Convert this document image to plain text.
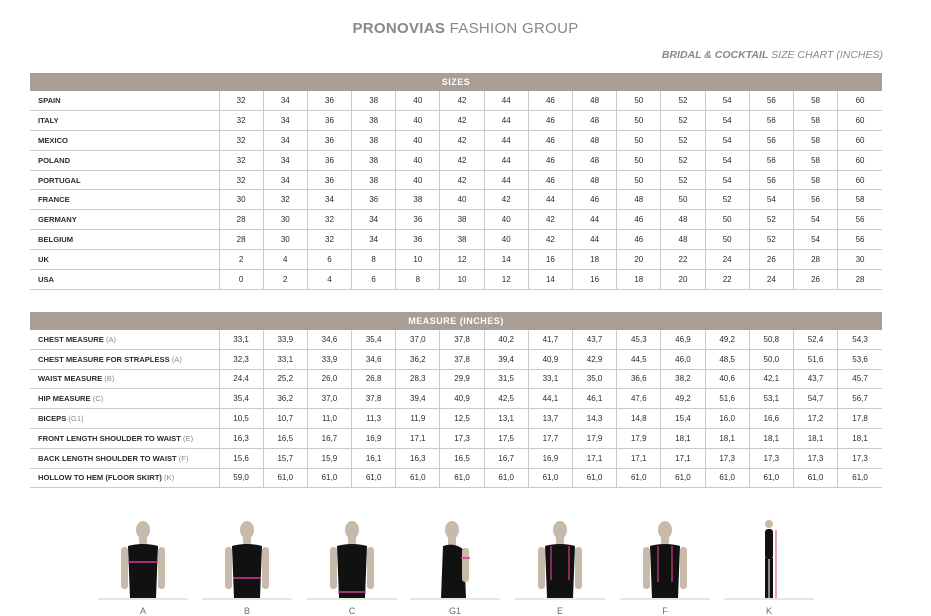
PRONOVIAS FASHION GROUP
BRIDAL & COCKTAIL SIZE CHART (INCHES)
SIZES															
SPAIN	32	34	36	38	40	42	44	46	48	50	52	54	56	58	60
ITALY	32	34	36	38	40	42	44	46	48	50	52	54	56	58	60
MEXICO	32	34	36	38	40	42	44	46	48	50	52	54	56	58	60
POLAND	32	34	36	38	40	42	44	46	48	50	52	54	56	58	60
PORTUGAL	32	34	36	38	40	42	44	46	48	50	52	54	56	58	60
FRANCE	30	32	34	36	38	40	42	44	46	48	50	52	54	56	58
GERMANY	28	30	32	34	36	38	40	42	44	46	48	50	52	54	56
BELGIUM	28	30	32	34	36	38	40	42	44	46	48	50	52	54	56
UK	2	4	6	8	10	12	14	16	18	20	22	24	26	28	30
USA	0	2	4	6	8	10	12	14	16	18	20	22	24	26	28
MEASURE (INCHES)															
CHEST MEASURE (A)	33,1	33,9	34,6	35,4	37,0	37,8	40,2	41,7	43,7	45,3	46,9	49,2	50,8	52,4	54,3
CHEST MEASURE FOR STRAPLESS (A)	32,3	33,1	33,9	34,6	36,2	37,8	39,4	40,9	42,9	44,5	46,0	48,5	50,0	51,6	53,6
WAIST MEASURE (B)	24,4	25,2	26,0	26,8	28,3	29,9	31,5	33,1	35,0	36,6	38,2	40,6	42,1	43,7	45,7
HIP MEASURE (C)	35,4	36,2	37,0	37,8	39,4	40,9	42,5	44,1	46,1	47,6	49,2	51,6	53,1	54,7	56,7
BICEPS (G1)	10,5	10,7	11,0	11,3	11,9	12,5	13,1	13,7	14,3	14,8	15,4	16,0	16,6	17,2	17,8
FRONT LENGTH SHOULDER TO WAIST (E)	16,3	16,5	16,7	16,9	17,1	17,3	17,5	17,7	17,9	17,9	18,1	18,1	18,1	18,1	18,1
BACK LENGTH SHOULDER TO WAIST (F)	15,6	15,7	15,9	16,1	16,3	16,5	16,7	16,9	17,1	17,1	17,1	17,3	17,3	17,3	17,3
HOLLOW TO HEM (FLOOR SKIRT) (K)	59,0	61,0	61,0	61,0	61,0	61,0	61,0	61,0	61,0	61,0	61,0	61,0	61,0	61,0	61,0
A	B	C	G1	E	F	K
